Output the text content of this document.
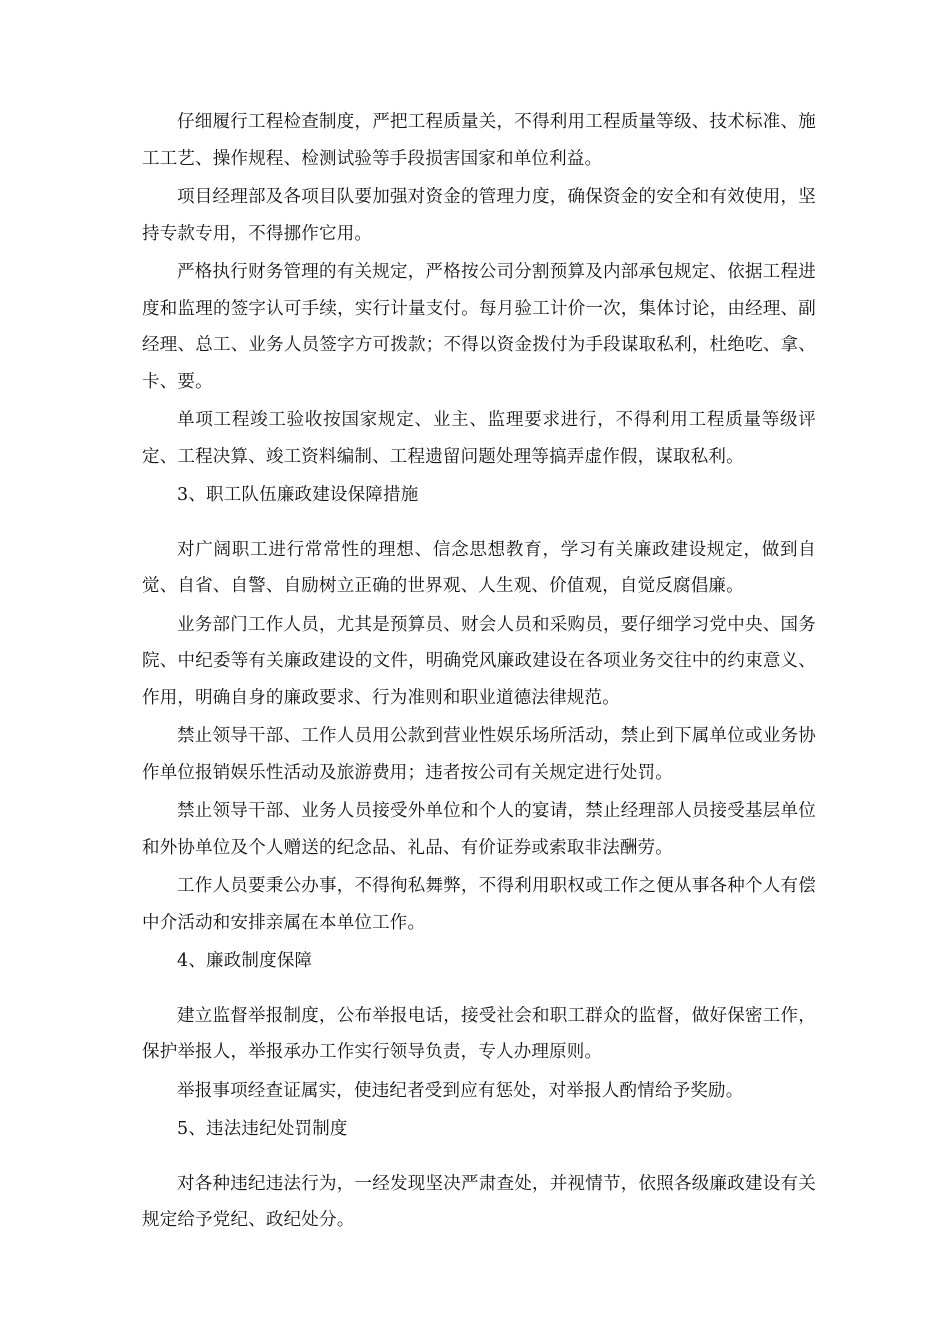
仔细履行工程检查制度，严把工程质量关，不得利用工程质量等级、技术标准、施工工艺、操作规程、检测试验等手段损害国家和单位利益。

项目经理部及各项目队要加强对资金的管理力度，确保资金的安全和有效使用，坚持专款专用，不得挪作它用。

严格执行财务管理的有关规定，严格按公司分割预算及内部承包规定、依据工程进度和监理的签字认可手续，实行计量支付。每月验工计价一次，集体讨论，由经理、副经理、总工、业务人员签字方可拨款；不得以资金拨付为手段谋取私利，杜绝吃、拿、卡、要。

单项工程竣工验收按国家规定、业主、监理要求进行，不得利用工程质量等级评定、工程决算、竣工资料编制、工程遗留问题处理等搞弄虚作假，谋取私利。

3、职工队伍廉政建设保障措施

对广阔职工进行常常性的理想、信念思想教育，学习有关廉政建设规定，做到自觉、自省、自警、自励树立正确的世界观、人生观、价值观，自觉反腐倡廉。

业务部门工作人员，尤其是预算员、财会人员和采购员，要仔细学习党中央、国务院、中纪委等有关廉政建设的文件，明确党风廉政建设在各项业务交往中的约束意义、作用，明确自身的廉政要求、行为准则和职业道德法律规范。

禁止领导干部、工作人员用公款到营业性娱乐场所活动，禁止到下属单位或业务协作单位报销娱乐性活动及旅游费用；违者按公司有关规定进行处罚。

禁止领导干部、业务人员接受外单位和个人的宴请，禁止经理部人员接受基层单位和外协单位及个人赠送的纪念品、礼品、有价证券或索取非法酬劳。

工作人员要秉公办事，不得徇私舞弊，不得利用职权或工作之便从事各种个人有偿中介活动和安排亲属在本单位工作。

4、廉政制度保障

建立监督举报制度，公布举报电话，接受社会和职工群众的监督，做好保密工作，保护举报人，举报承办工作实行领导负责，专人办理原则。

举报事项经查证属实，使违纪者受到应有惩处，对举报人酌情给予奖励。

5、违法违纪处罚制度

对各种违纪违法行为，一经发现坚决严肃查处，并视情节，依照各级廉政建设有关规定给予党纪、政纪处分。
